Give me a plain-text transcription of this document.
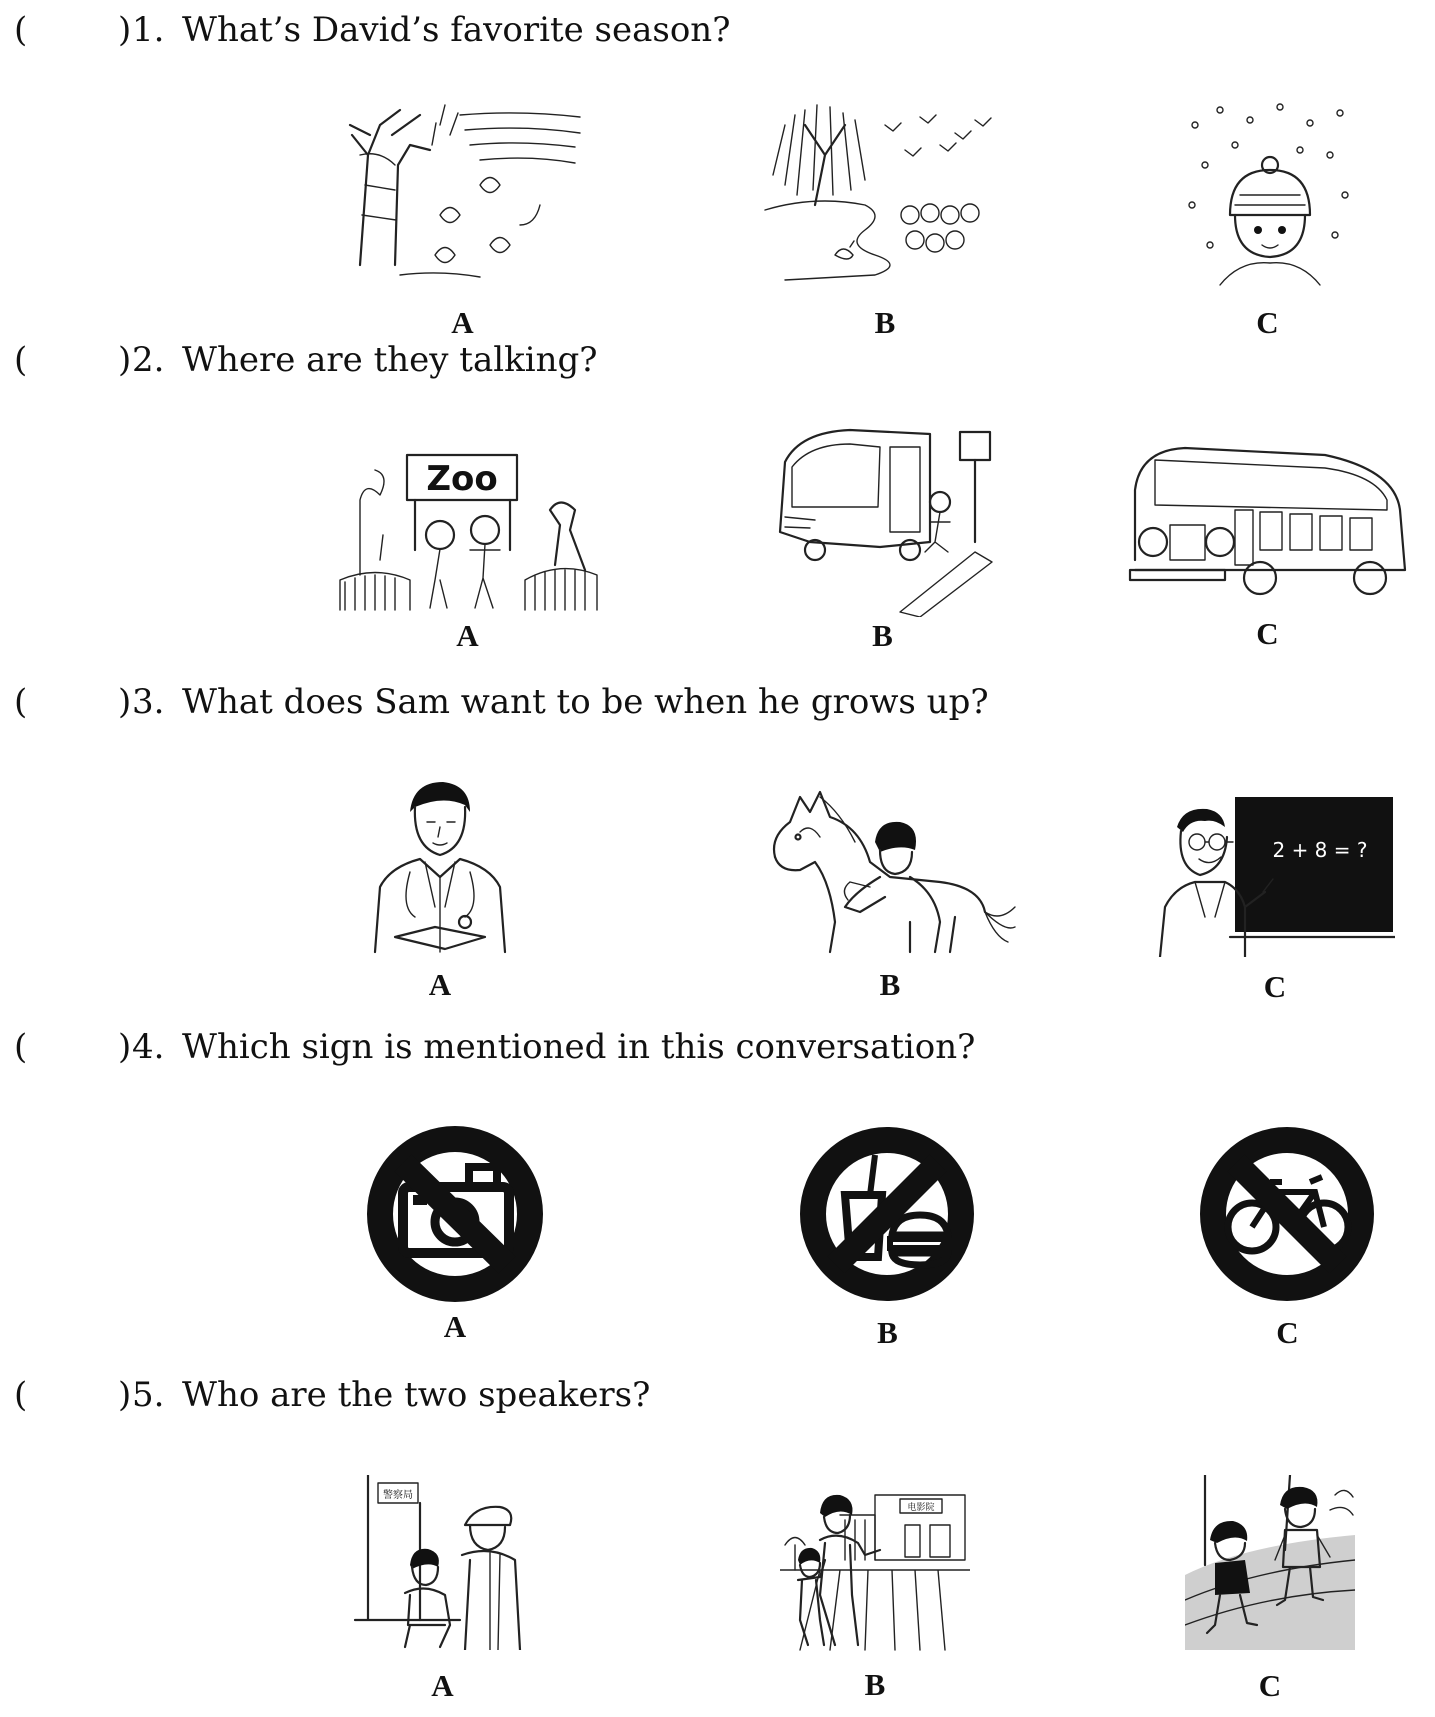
(	) 1. What’s David’s favorite season?
A	B	C
(	) 2. Where are they talking?
Zoo
A	B	C
(	) 3. What does Sam want to be when he grows up?
A	B
2 + 8 = ?
C
(	) 4. Which sign is mentioned in this conversation?
A	B	C
(	) 5. Who are the two speakers?
警察局
A
电影院
B	C
